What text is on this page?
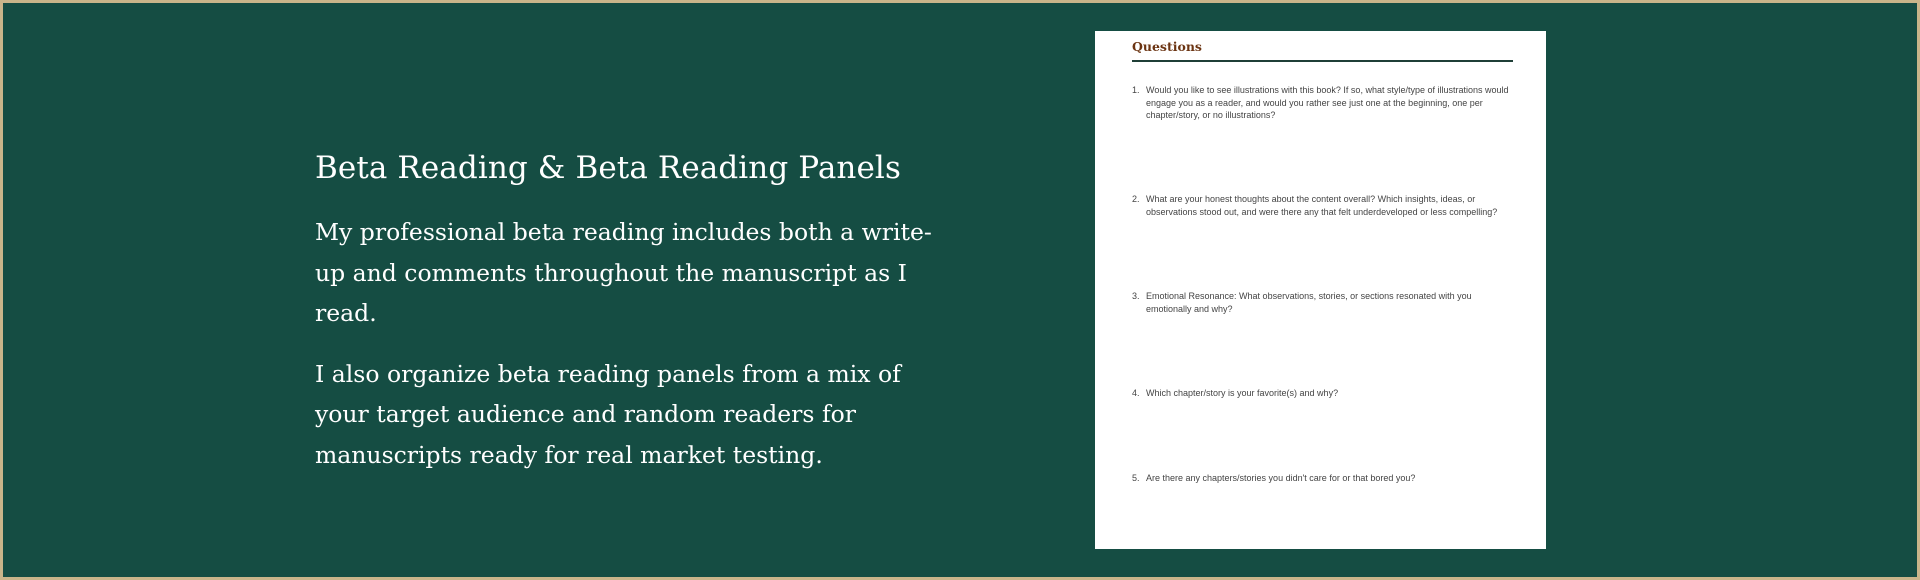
Beta Reading & Beta Reading Panels

My professional beta reading includes both a write-up and comments throughout the manuscript as I read.

I also organize beta reading panels from a mix of your target audience and random readers for manuscripts ready for real market testing.

Questions
1. Would you like to see illustrations with this book? If so, what style/type of illustrations would engage you as a reader, and would you rather see just one at the beginning, one per chapter/story, or no illustrations?
2. What are your honest thoughts about the content overall? Which insights, ideas, or observations stood out, and were there any that felt underdeveloped or less compelling?
3. Emotional Resonance: What observations, stories, or sections resonated with you emotionally and why?
4. Which chapter/story is your favorite(s) and why?
5. Are there any chapters/stories you didn't care for or that bored you?
